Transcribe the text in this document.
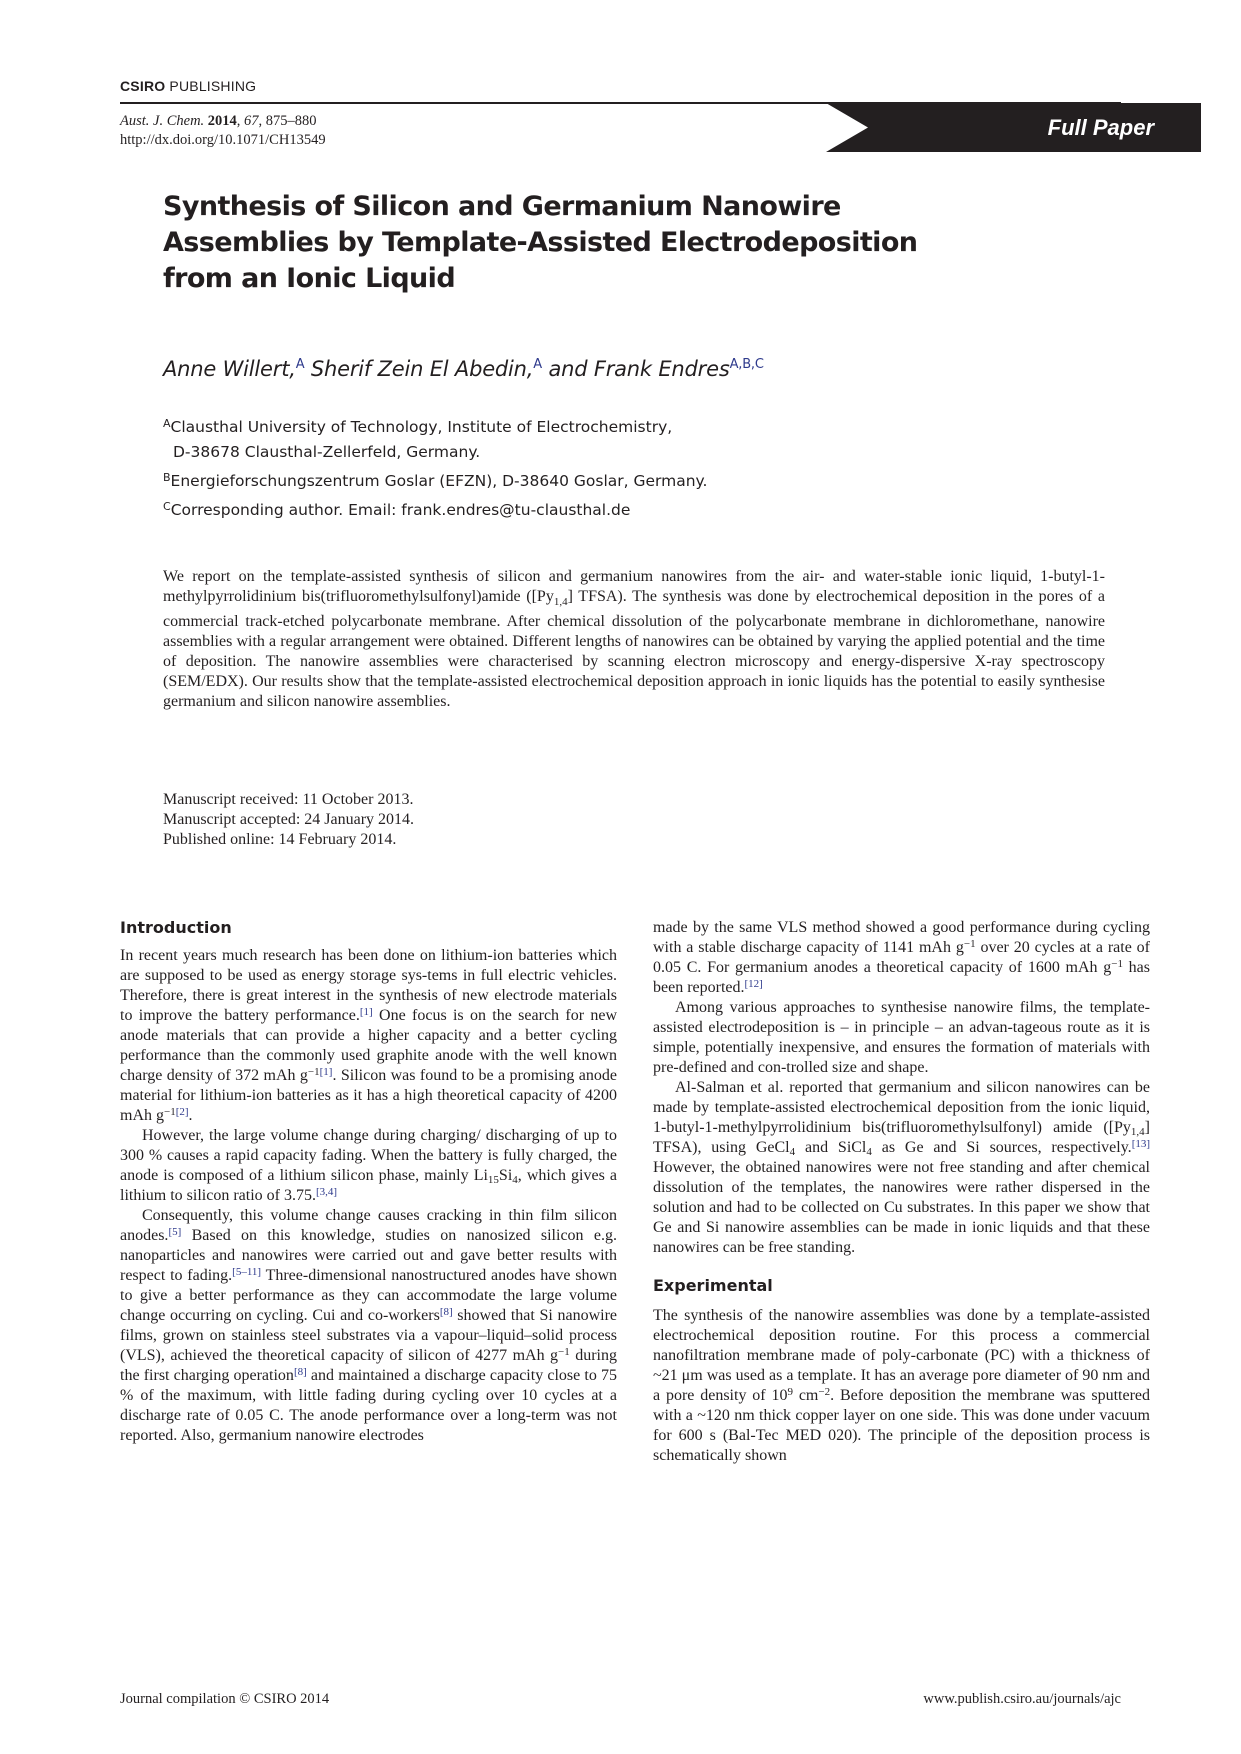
CSIRO PUBLISHING
Aust. J. Chem. 2014, 67, 875–880
http://dx.doi.org/10.1071/CH13549	Full Paper
Synthesis of Silicon and Germanium Nanowire
Assemblies by Template-Assisted Electrodeposition
from an Ionic Liquid
Anne Willert,$^A$ Sherif Zein El Abedin,$^A$ and Frank Endres$^{A,B,C}$
$^A$Clausthal University of Technology, Institute of Electrochemistry,
D-38678 Clausthal-Zellerfeld, Germany.
$^B$Energieforschungszentrum Goslar (EFZN), D-38640 Goslar, Germany.
$^C$Corresponding author. Email: frank.endres@tu-clausthal.de
We report on the template-assisted synthesis of silicon and germanium nanowires from the air- and water-stable ionic liquid, 1-butyl-1-methylpyrrolidinium bis(trifluoromethylsulfonyl)amide ($[Py_{1,4}]$ TFSA). The synthesis was done by electrochemical deposition in the pores of a commercial track-etched polycarbonate membrane. After chemical dissolution of the polycarbonate membrane in dichloromethane, nanowire assemblies with a regular arrangement were obtained. Different lengths of nanowires can be obtained by varying the applied potential and the time of deposition. The nanowire assemblies were characterised by scanning electron microscopy and energy-dispersive X-ray spectroscopy (SEM/EDX). Our results show that the template-assisted electrochemical deposition approach in ionic liquids has the potential to easily synthesise germanium and silicon nanowire assemblies.
Manuscript received: 11 October 2013.
Manuscript accepted: 24 January 2014.
Published online: 14 February 2014.
Introduction

In recent years much research has been done on lithium-ion batteries which are supposed to be used as energy storage sys-tems in full electric vehicles. Therefore, there is great interest in the synthesis of new electrode materials to improve the battery performance.[1] One focus is on the search for new anode materials that can provide a higher capacity and a better cycling performance than the commonly used graphite anode with the well known charge density of 372 mAh $g^{-1[1]}$. Silicon was found to be a promising anode material for lithium-ion batteries as it has a high theoretical capacity of 4200 mAh $g^{-1[2]}$.

However, the large volume change during charging/ discharging of up to 300 % causes a rapid capacity fading. When the battery is fully charged, the anode is composed of a lithium silicon phase, mainly $Li_{15}Si_4$, which gives a lithium to silicon ratio of 3.75.[3,4]

Consequently, this volume change causes cracking in thin film silicon anodes.[5] Based on this knowledge, studies on nanosized silicon e.g. nanoparticles and nanowires were carried out and gave better results with respect to fading.[5–11] Three-dimensional nanostructured anodes have shown to give a better performance as they can accommodate the large volume change occurring on cycling. Cui and co-workers[8] showed that Si nanowire films, grown on stainless steel substrates via a vapour–liquid–solid process (VLS), achieved the theoretical capacity of silicon of 4277 mAh $g^{-1}$ during the first charging operation[8] and maintained a discharge capacity close to 75 % of the maximum, with little fading during cycling over 10 cycles at a discharge rate of 0.05 C. The anode performance over a long-term was not reported. Also, germanium nanowire electrodes

made by the same VLS method showed a good performance during cycling with a stable discharge capacity of 1141 mAh $g^{-1}$ over 20 cycles at a rate of 0.05 C. For germanium anodes a theoretical capacity of 1600 mAh $g^{-1}$ has been reported.[12]

Among various approaches to synthesise nanowire films, the template-assisted electrodeposition is – in principle – an advan-tageous route as it is simple, potentially inexpensive, and ensures the formation of materials with pre-defined and con-trolled size and shape.

Al-Salman et al. reported that germanium and silicon nanowires can be made by template-assisted electrochemical deposition from the ionic liquid, 1-butyl-1-methylpyrrolidinium bis(trifluoromethylsulfonyl) amide ($[Py_{1,4}]$ TFSA), using GeCl$_4$ and SiCl$_4$ as Ge and Si sources, respectively.[13] However, the obtained nanowires were not free standing and after chemical dissolution of the templates, the nanowires were rather dispersed in the solution and had to be collected on Cu substrates. In this paper we show that Ge and Si nanowire assemblies can be made in ionic liquids and that these nanowires can be free standing.

Experimental

The synthesis of the nanowire assemblies was done by a template-assisted electrochemical deposition routine. For this process a commercial nanofiltration membrane made of poly-carbonate (PC) with a thickness of ~21 μm was used as a template. It has an average pore diameter of 90 nm and a pore density of $10^9$ $cm^{-2}$. Before deposition the membrane was sputtered with a ~120 nm thick copper layer on one side. This was done under vacuum for 600 s (Bal-Tec MED 020). The principle of the deposition process is schematically shown

Journal compilation © CSIRO 2014	www.publish.csiro.au/journals/ajc
